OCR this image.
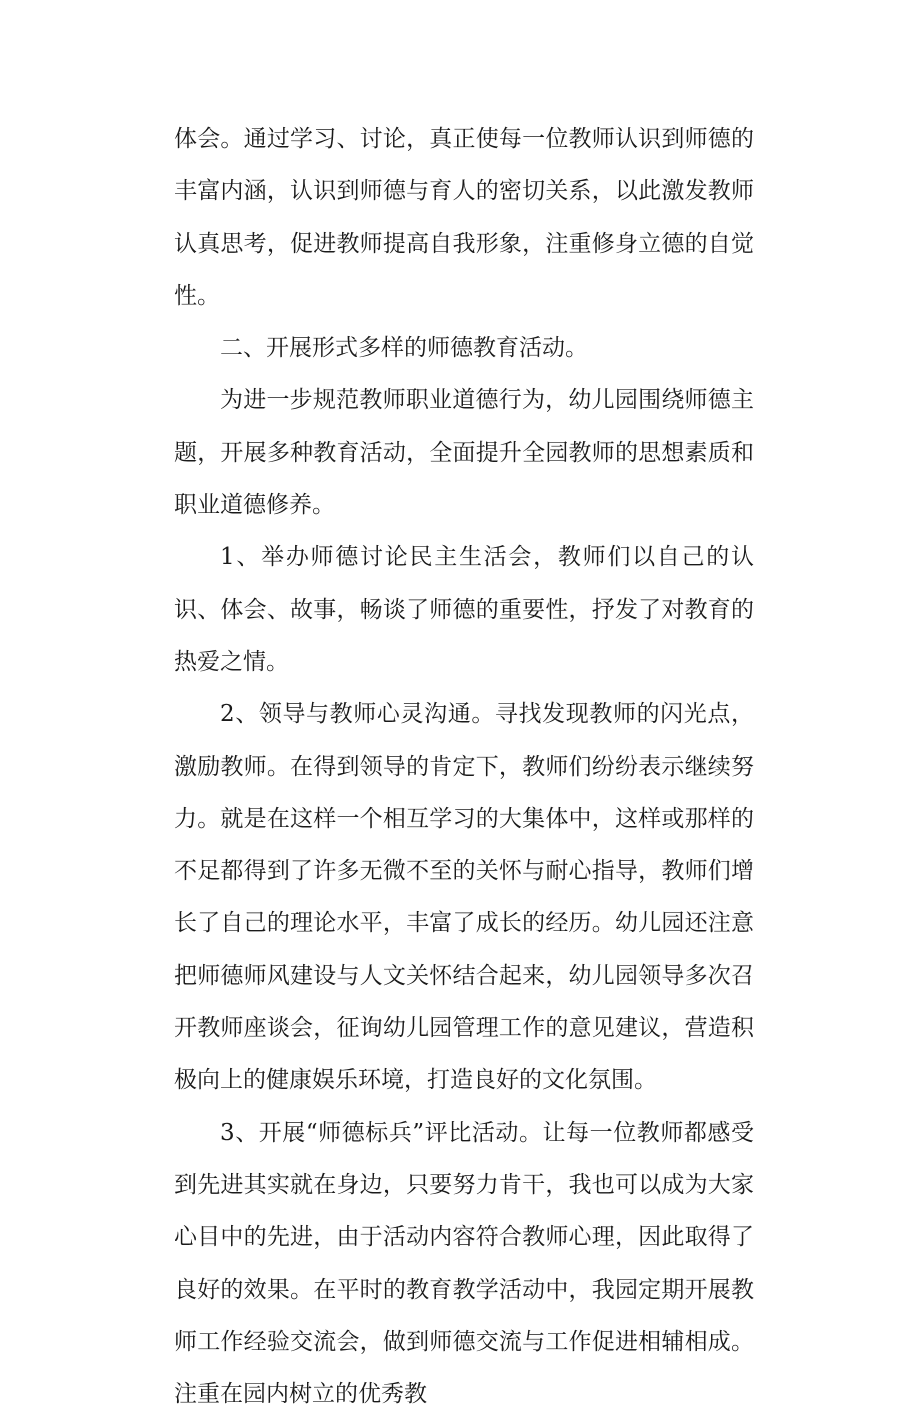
体会。通过学习、讨论，真正使每一位教师认识到师德的丰富内涵，认识到师德与育人的密切关系，以此激发教师认真思考，促进教师提高自我形象，注重修身立德的自觉性。

二、开展形式多样的师德教育活动。

为进一步规范教师职业道德行为，幼儿园围绕师德主题，开展多种教育活动，全面提升全园教师的思想素质和职业道德修养。

1、举办师德讨论民主生活会，教师们以自己的认识、体会、故事，畅谈了师德的重要性，抒发了对教育的热爱之情。

2、领导与教师心灵沟通。寻找发现教师的闪光点，激励教师。在得到领导的肯定下，教师们纷纷表示继续努力。就是在这样一个相互学习的大集体中，这样或那样的不足都得到了许多无微不至的关怀与耐心指导，教师们增长了自己的理论水平，丰富了成长的经历。幼儿园还注意把师德师风建设与人文关怀结合起来，幼儿园领导多次召开教师座谈会，征询幼儿园管理工作的意见建议，营造积极向上的健康娱乐环境，打造良好的文化氛围。

3、开展“师德标兵”评比活动。让每一位教师都感受到先进其实就在身边，只要努力肯干，我也可以成为大家心目中的先进，由于活动内容符合教师心理，因此取得了良好的效果。在平时的教育教学活动中，我园定期开展教师工作经验交流会，做到师德交流与工作促进相辅相成。注重在园内树立的优秀教
